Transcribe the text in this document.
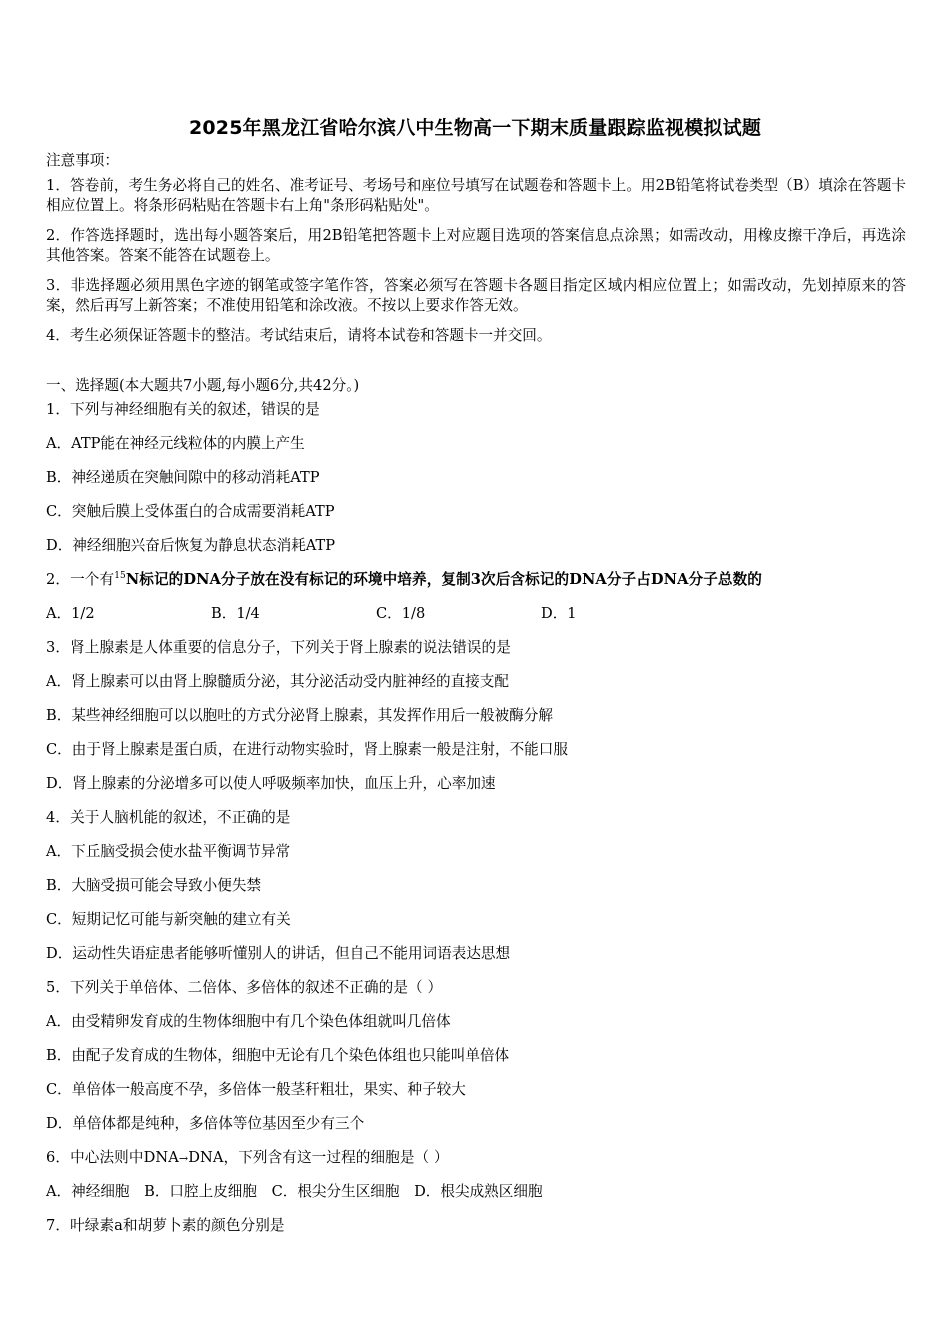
2025年黑龙江省哈尔滨八中生物高一下期末质量跟踪监视模拟试题
注意事项：
1．答卷前，考生务必将自己的姓名、准考证号、考场号和座位号填写在试题卷和答题卡上。用2B铅笔将试卷类型（B）填涂在答题卡相应位置上。将条形码粘贴在答题卡右上角"条形码粘贴处"。
2．作答选择题时，选出每小题答案后，用2B铅笔把答题卡上对应题目选项的答案信息点涂黑；如需改动，用橡皮擦干净后，再选涂其他答案。答案不能答在试题卷上。
3．非选择题必须用黑色字迹的钢笔或签字笔作答，答案必须写在答题卡各题目指定区域内相应位置上；如需改动，先划掉原来的答案，然后再写上新答案；不准使用铅笔和涂改液。不按以上要求作答无效。
4．考生必须保证答题卡的整洁。考试结束后，请将本试卷和答题卡一并交回。
一、选择题(本大题共7小题,每小题6分,共42分。)
1．下列与神经细胞有关的叙述，错误的是
A．ATP能在神经元线粒体的内膜上产生
B．神经递质在突触间隙中的移动消耗ATP
C．突触后膜上受体蛋白的合成需要消耗ATP
D．神经细胞兴奋后恢复为静息状态消耗ATP
2．一个有$^{15}$N标记的DNA分子放在没有标记的环境中培养，复制3次后含标记的DNA分子占DNA分子总数的
A．1/2	B．1/4	C．1/8	D．1
3．肾上腺素是人体重要的信息分子，下列关于肾上腺素的说法错误的是
A．肾上腺素可以由肾上腺髓质分泌，其分泌活动受内脏神经的直接支配
B．某些神经细胞可以以胞吐的方式分泌肾上腺素，其发挥作用后一般被酶分解
C．由于肾上腺素是蛋白质，在进行动物实验时，肾上腺素一般是注射，不能口服
D．肾上腺素的分泌增多可以使人呼吸频率加快，血压上升，心率加速
4．关于人脑机能的叙述，不正确的是
A．下丘脑受损会使水盐平衡调节异常
B．大脑受损可能会导致小便失禁
C．短期记忆可能与新突触的建立有关
D．运动性失语症患者能够听懂别人的讲话，但自己不能用词语表达思想
5．下列关于单倍体、二倍体、多倍体的叙述不正确的是（ ）
A．由受精卵发育成的生物体细胞中有几个染色体组就叫几倍体
B．由配子发育成的生物体，细胞中无论有几个染色体组也只能叫单倍体
C．单倍体一般高度不孕，多倍体一般茎秆粗壮，果实、种子较大
D．单倍体都是纯种，多倍体等位基因至少有三个
6．中心法则中DNA→DNA，下列含有这一过程的细胞是（ ）
A．神经细胞　B．口腔上皮细胞　C．根尖分生区细胞　D．根尖成熟区细胞
7．叶绿素a和胡萝卜素的颜色分别是
